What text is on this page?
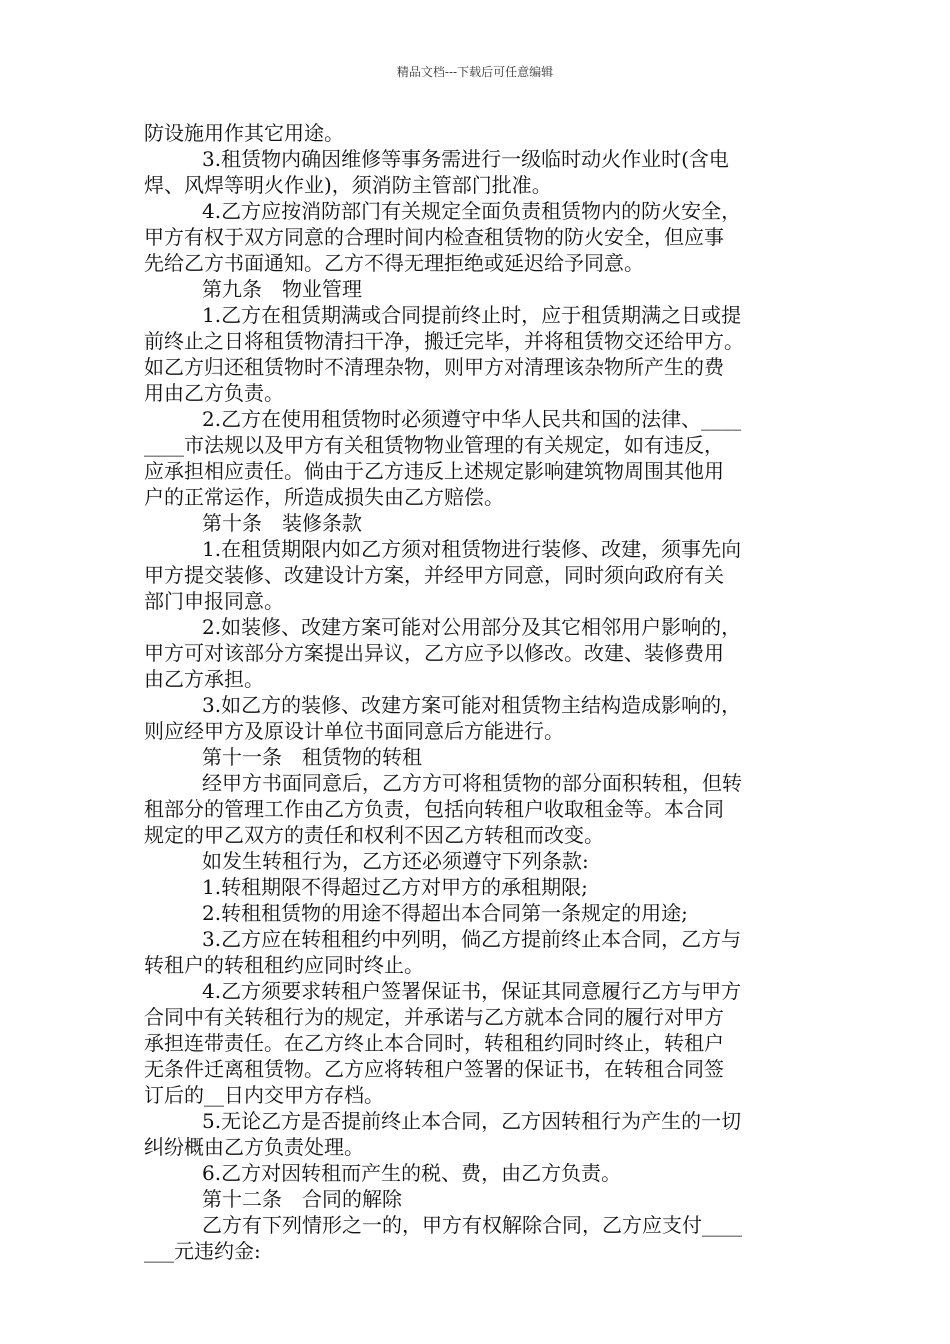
精品文档---下载后可任意编辑
防设施用作其它用途。
3.租赁物内确因维修等事务需进行一级临时动火作业时(含电
焊、风焊等明火作业)，须消防主管部门批准。
4.乙方应按消防部门有关规定全面负责租赁物内的防火安全，
甲方有权于双方同意的合理时间内检查租赁物的防火安全，但应事
先给乙方书面通知。乙方不得无理拒绝或延迟给予同意。
第九条　物业管理
1.乙方在租赁期满或合同提前终止时，应于租赁期满之日或提
前终止之日将租赁物清扫干净，搬迁完毕，并将租赁物交还给甲方。
如乙方归还租赁物时不清理杂物，则甲方对清理该杂物所产生的费
用由乙方负责。
2.乙方在使用租赁物时必须遵守中华人民共和国的法律、____
____市法规以及甲方有关租赁物物业管理的有关规定，如有违反，
应承担相应责任。倘由于乙方违反上述规定影响建筑物周围其他用
户的正常运作，所造成损失由乙方赔偿。
第十条　装修条款
1.在租赁期限内如乙方须对租赁物进行装修、改建，须事先向
甲方提交装修、改建设计方案，并经甲方同意，同时须向政府有关
部门申报同意。
2.如装修、改建方案可能对公用部分及其它相邻用户影响的，
甲方可对该部分方案提出异议，乙方应予以修改。改建、装修费用
由乙方承担。
3.如乙方的装修、改建方案可能对租赁物主结构造成影响的，
则应经甲方及原设计单位书面同意后方能进行。
第十一条　租赁物的转租
经甲方书面同意后，乙方方可将租赁物的部分面积转租，但转
租部分的管理工作由乙方负责，包括向转租户收取租金等。本合同
规定的甲乙双方的责任和权利不因乙方转租而改变。
如发生转租行为，乙方还必须遵守下列条款:
1.转租期限不得超过乙方对甲方的承租期限;
2.转租租赁物的用途不得超出本合同第一条规定的用途;
3.乙方应在转租租约中列明，倘乙方提前终止本合同，乙方与
转租户的转租租约应同时终止。
4.乙方须要求转租户签署保证书，保证其同意履行乙方与甲方
合同中有关转租行为的规定，并承诺与乙方就本合同的履行对甲方
承担连带责任。在乙方终止本合同时，转租租约同时终止，转租户
无条件迁离租赁物。乙方应将转租户签署的保证书，在转租合同签
订后的__日内交甲方存档。
5.无论乙方是否提前终止本合同，乙方因转租行为产生的一切
纠纷概由乙方负责处理。
6.乙方对因转租而产生的税、费，由乙方负责。
第十二条　合同的解除
乙方有下列情形之一的，甲方有权解除合同，乙方应支付____
___元违约金:
